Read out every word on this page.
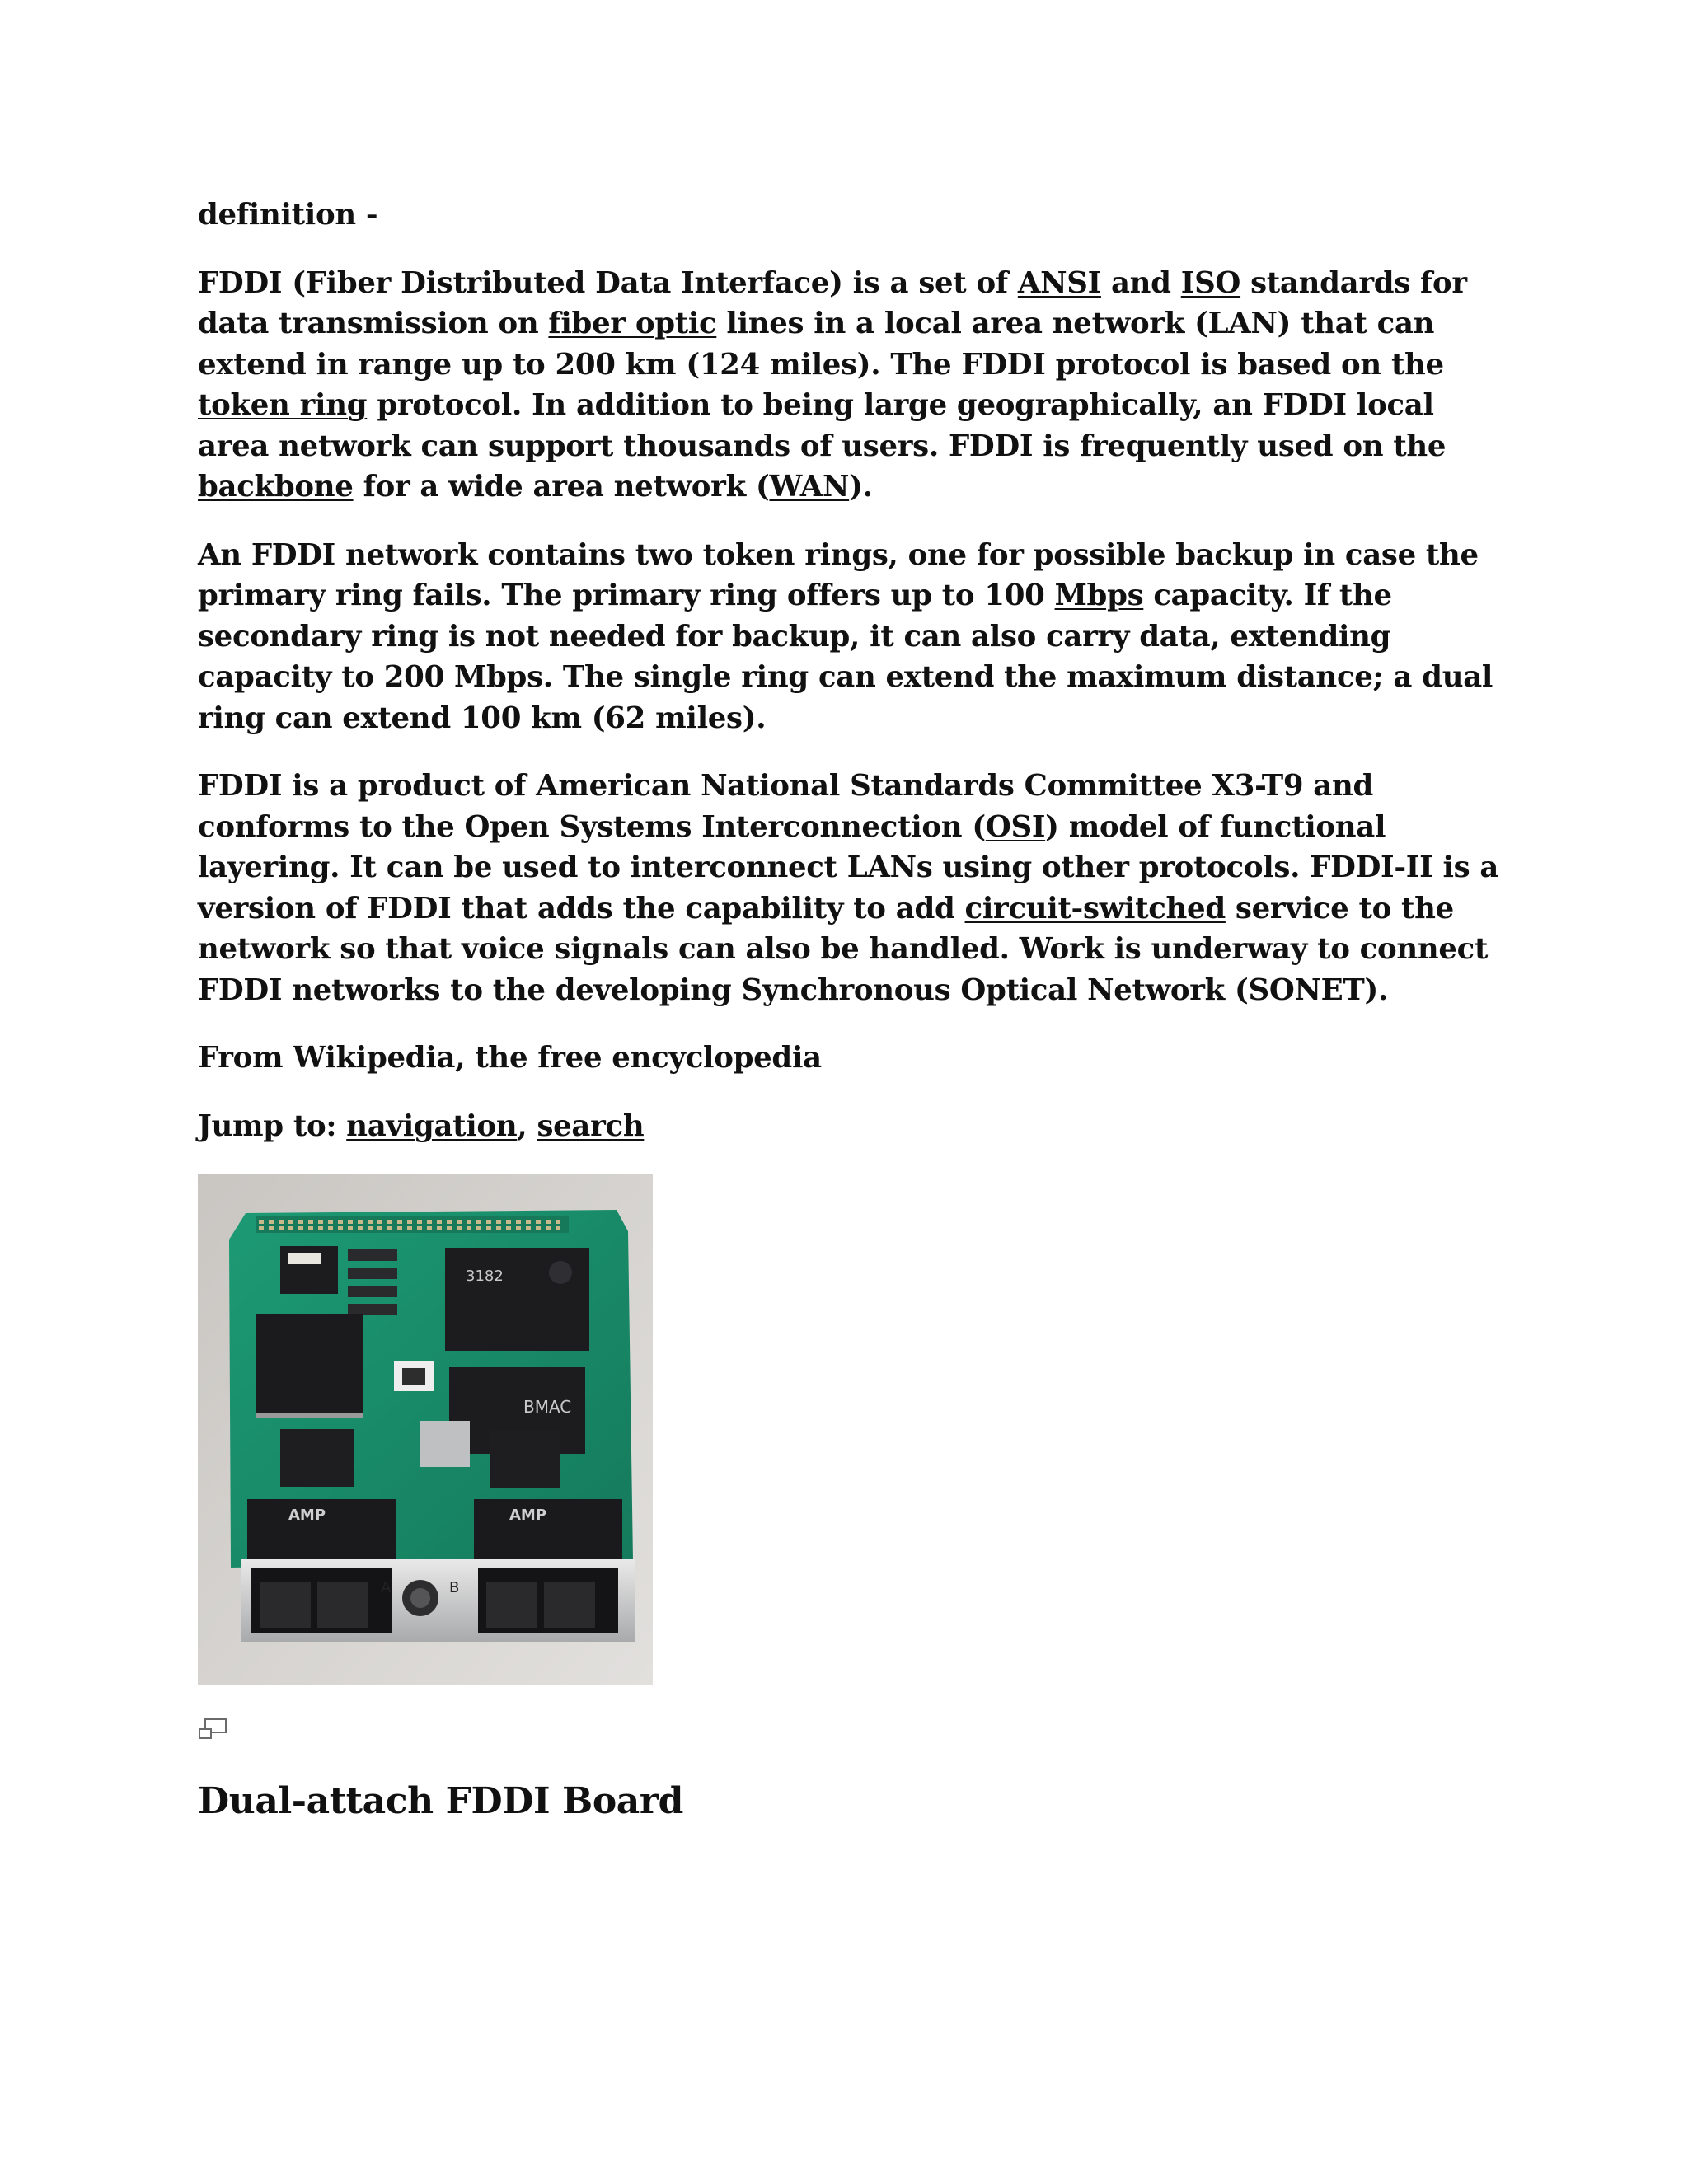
definition -

FDDI (Fiber Distributed Data Interface) is a set of ANSI and ISO standards for data transmission on fiber optic lines in a local area network (LAN) that can extend in range up to 200 km (124 miles). The FDDI protocol is based on the token ring protocol. In addition to being large geographically, an FDDI local area network can support thousands of users. FDDI is frequently used on the backbone for a wide area network (WAN).

An FDDI network contains two token rings, one for possible backup in case the primary ring fails. The primary ring offers up to 100 Mbps capacity. If the secondary ring is not needed for backup, it can also carry data, extending capacity to 200 Mbps. The single ring can extend the maximum distance; a dual ring can extend 100 km (62 miles).

FDDI is a product of American National Standards Committee X3-T9 and conforms to the Open Systems Interconnection (OSI) model of functional layering. It can be used to interconnect LANs using other protocols. FDDI-II is a version of FDDI that adds the capability to add circuit-switched service to the network so that voice signals can also be handled. Work is underway to connect FDDI networks to the developing Synchronous Optical Network (SONET).

From Wikipedia, the free encyclopedia

Jump to: navigation, search

3182
BMAC
AMP	AMP
A	B
Dual-attach FDDI Board
